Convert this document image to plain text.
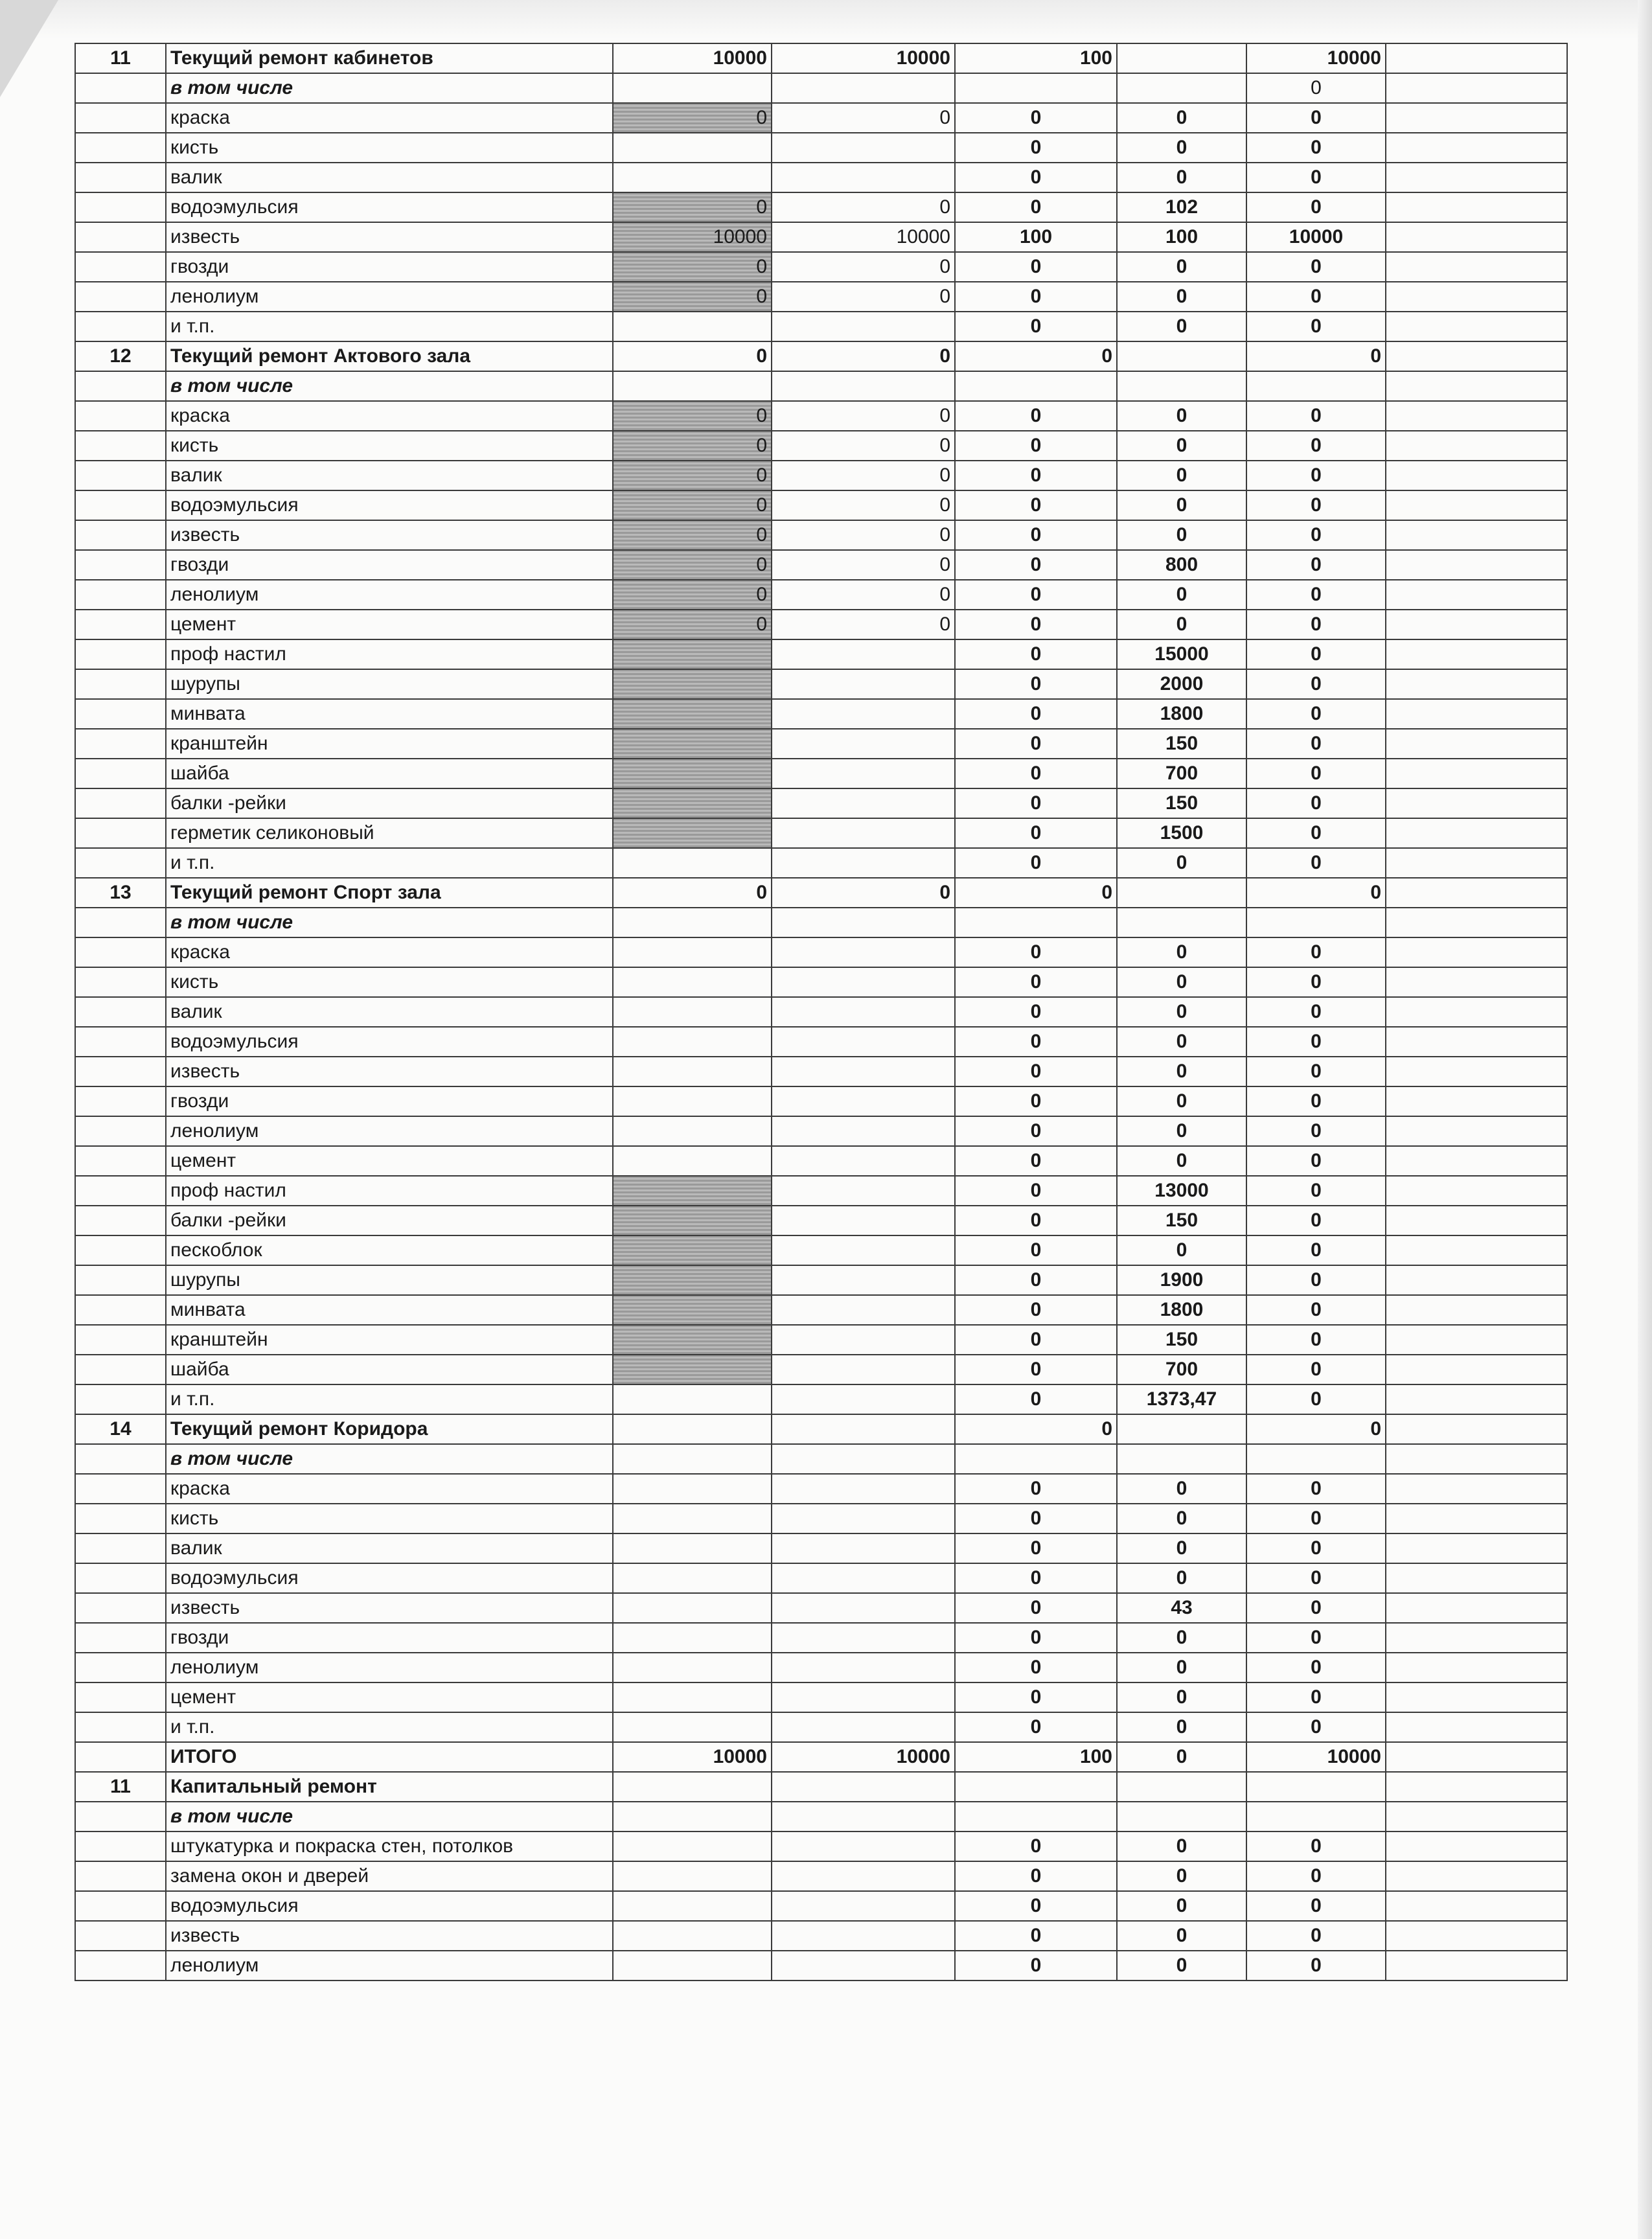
11	Текущий ремонт кабинетов	10000	10000	100		10000	
	в том числе					0	
	краска	0	0	0	0	0	
	кисть			0	0	0	
	валик			0	0	0	
	водоэмульсия	0	0	0	102	0	
	известь	10000	10000	100	100	10000	
	гвозди	0	0	0	0	0	
	ленолиум	0	0	0	0	0	
	и т.п.			0	0	0	
12	Текущий ремонт Актового зала	0	0	0		0	
	в том числе						
	краска	0	0	0	0	0	
	кисть	0	0	0	0	0	
	валик	0	0	0	0	0	
	водоэмульсия	0	0	0	0	0	
	известь	0	0	0	0	0	
	гвозди	0	0	0	800	0	
	ленолиум	0	0	0	0	0	
	цемент	0	0	0	0	0	
	проф настил			0	15000	0	
	шурупы			0	2000	0	
	минвата			0	1800	0	
	кранштейн			0	150	0	
	шайба			0	700	0	
	балки -рейки			0	150	0	
	герметик селиконовый			0	1500	0	
	и т.п.			0	0	0	
13	Текущий ремонт Спорт зала	0	0	0		0	
	в том числе						
	краска			0	0	0	
	кисть			0	0	0	
	валик			0	0	0	
	водоэмульсия			0	0	0	
	известь			0	0	0	
	гвозди			0	0	0	
	ленолиум			0	0	0	
	цемент			0	0	0	
	проф настил			0	13000	0	
	балки -рейки			0	150	0	
	пескоблок			0	0	0	
	шурупы			0	1900	0	
	минвата			0	1800	0	
	кранштейн			0	150	0	
	шайба			0	700	0	
	и т.п.			0	1373,47	0	
14	Текущий ремонт Коридора			0		0	
	в том числе						
	краска			0	0	0	
	кисть			0	0	0	
	валик			0	0	0	
	водоэмульсия			0	0	0	
	известь			0	43	0	
	гвозди			0	0	0	
	ленолиум			0	0	0	
	цемент			0	0	0	
	и т.п.			0	0	0	
	ИТОГО	10000	10000	100	0	10000	
11	Капитальный ремонт						
	в том числе						
	штукатурка и покраска стен, потолков			0	0	0	
	замена окон и дверей			0	0	0	
	водоэмульсия			0	0	0	
	известь			0	0	0	
	ленолиум			0	0	0	
